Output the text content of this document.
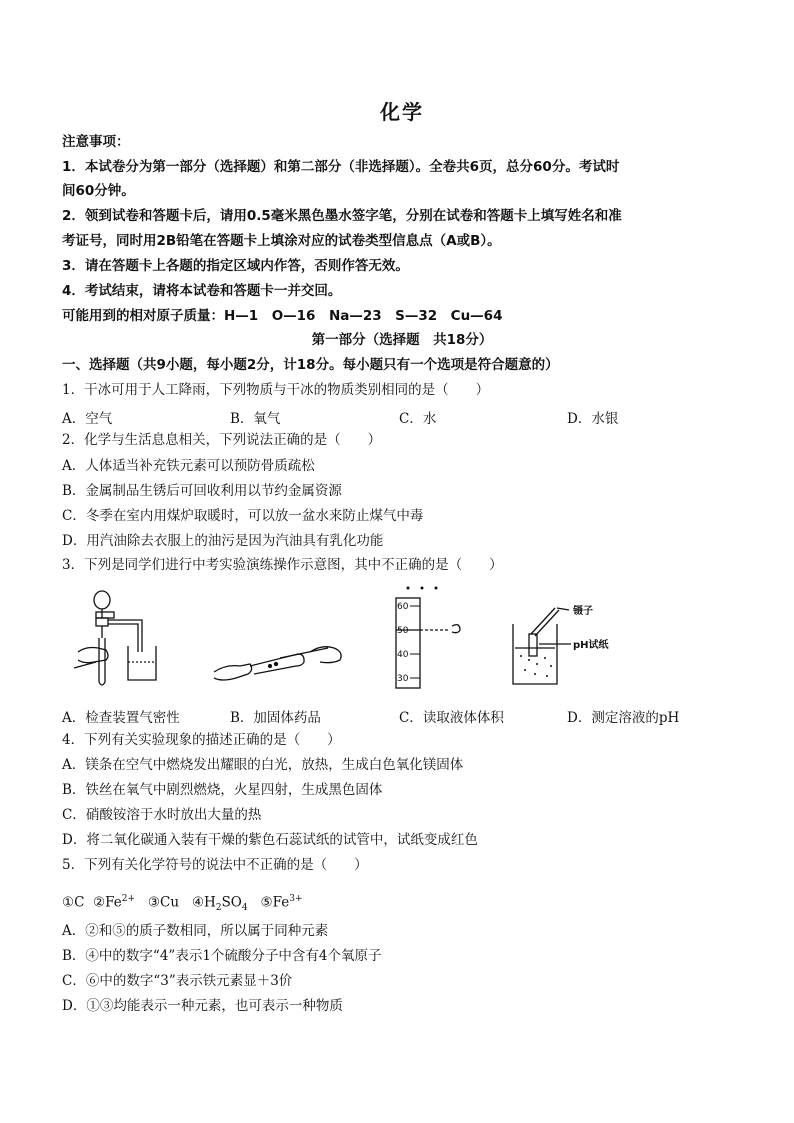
化学
注意事项：
1．本试卷分为第一部分（选择题）和第二部分（非选择题）。全卷共6页，总分60分。考试时
间60分钟。
2．领到试卷和答题卡后，请用0.5毫米黑色墨水签字笔，分别在试卷和答题卡上填写姓名和准
考证号，同时用2B铅笔在答题卡上填涂对应的试卷类型信息点（A或B）。
3．请在答题卡上各题的指定区域内作答，否则作答无效。
4．考试结束，请将本试卷和答题卡一并交回。
可能用到的相对原子质量：H—1　O—16　Na—23　S—32　Cu—64
第一部分（选择题　共18分）
一、选择题（共9小题，每小题2分，计18分。每小题只有一个选项是符合题意的）
1．干冰可用于人工降雨，下列物质与干冰的物质类别相同的是（　　）
A．空气	B．氧气	C．水	D．水银
2．化学与生活息息相关，下列说法正确的是（　　）
A．人体适当补充铁元素可以预防骨质疏松
B．金属制品生锈后可回收利用以节约金属资源
C．冬季在室内用煤炉取暖时，可以放一盆水来防止煤气中毒
D．用汽油除去衣服上的油污是因为汽油具有乳化功能
3．下列是同学们进行中考实验演练操作示意图，其中不正确的是（　　）
60
50
40
30
镊子
pH试纸
A．检查装置气密性	B．加固体药品	C．读取液体体积	D．测定溶液的pH
4．下列有关实验现象的描述正确的是（　　）
A．镁条在空气中燃烧发出耀眼的白光，放热，生成白色氧化镁固体
B．铁丝在氧气中剧烈燃烧，火星四射，生成黑色固体
C．硝酸铵溶于水时放出大量的热
D．将二氧化碳通入装有干燥的紫色石蕊试纸的试管中，试纸变成红色
5．下列有关化学符号的说法中不正确的是（　　）
①C $②Fe^{2+}$ ③Cu $④H_2SO_4$ $⑤Fe^{3+}$
A．②和⑤的质子数相同，所以属于同种元素
B．④中的数字“4”表示1个硫酸分子中含有4个氧原子
C．⑥中的数字“3”表示铁元素显＋3价
D．①③均能表示一种元素，也可表示一种物质
